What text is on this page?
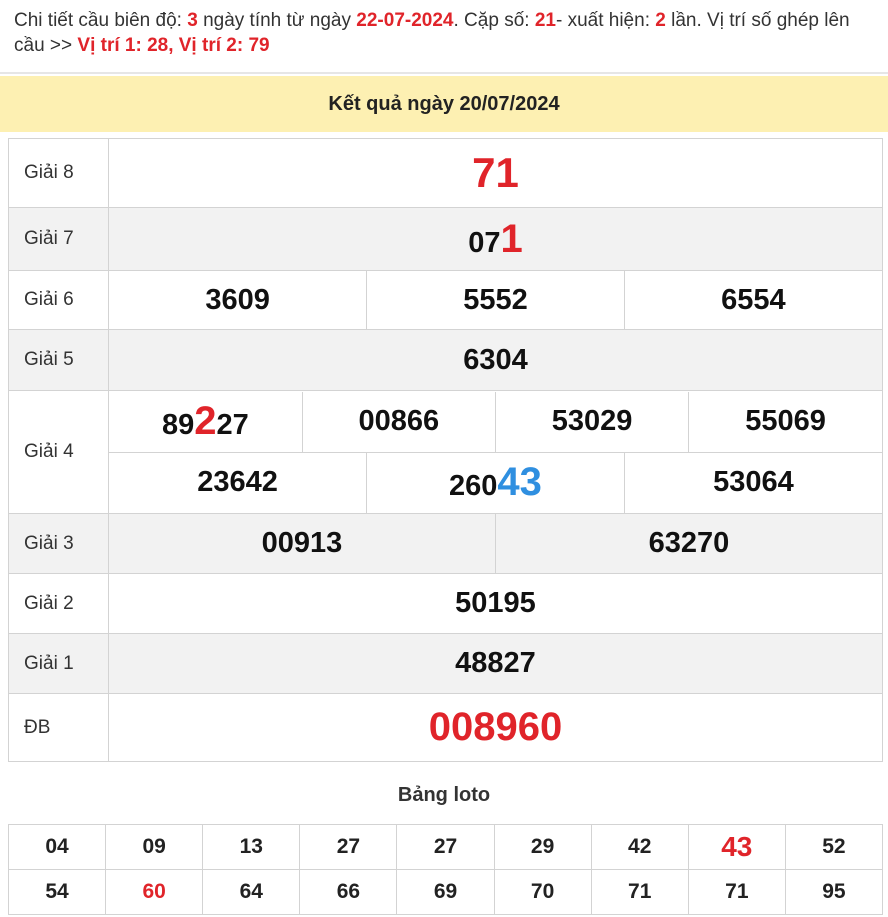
Chi tiết cầu biên độ: 3 ngày tính từ ngày 22-07-2024. Cặp số: 21- xuất hiện: 2 lần. Vị trí số ghép lên cầu >> Vị trí 1: 28, Vị trí 2: 79
Kết quả ngày 20/07/2024
Giải 8	71
Giải 7	071
Giải 6		3609	5552	6554

Giải 5	6304
Giải 4	
89227	00866	53029	55069
23642	26043	53064

Giải 3		00913	63270

Giải 2	50195
Giải 1	48827
ĐB	008960
Bảng loto
04	09	13	27	27	29	42	43	52
54	60	64	66	69	70	71	71	95
